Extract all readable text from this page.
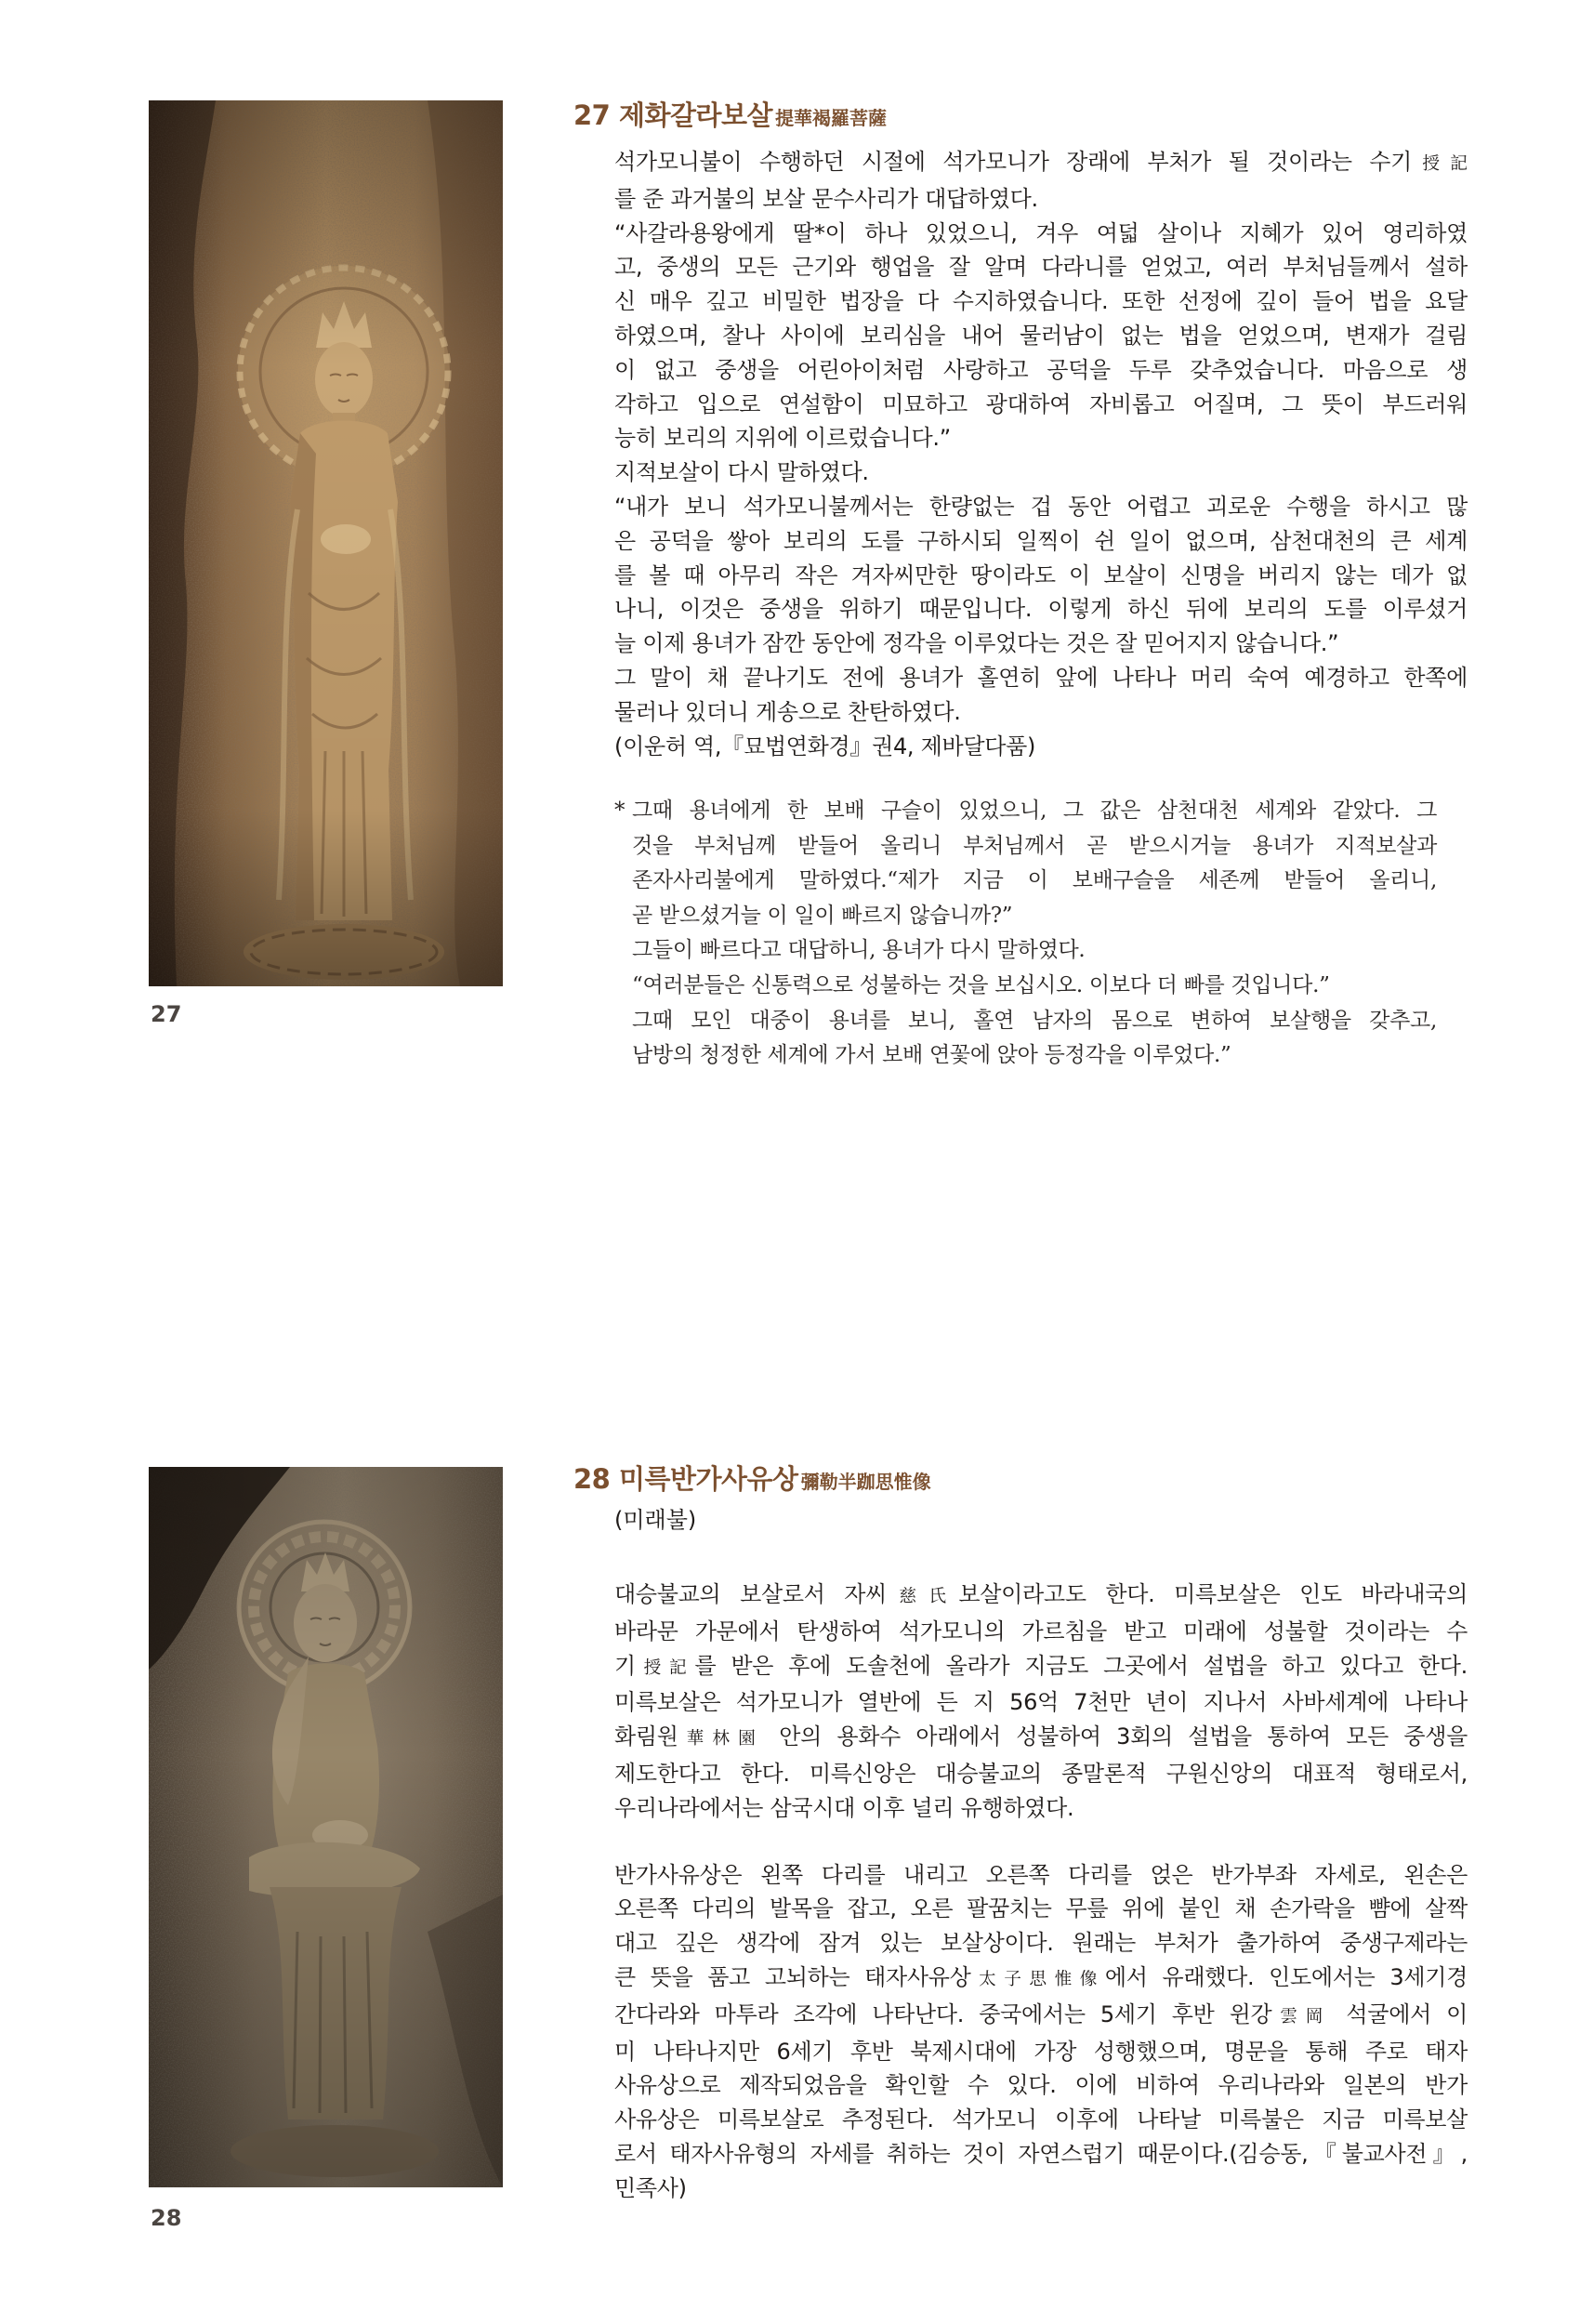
27
27 제화갈라보살 提華褐羅菩薩
석가모니불이 수행하던 시절에 석가모니가 장래에 부처가 될 것이라는 수기授記
를 준 과거불의 보살 문수사리가 대답하였다.
“사갈라용왕에게 딸*이 하나 있었으니, 겨우 여덟 살이나 지혜가 있어 영리하였
고, 중생의 모든 근기와 행업을 잘 알며 다라니를 얻었고, 여러 부처님들께서 설하
신 매우 깊고 비밀한 법장을 다 수지하였습니다. 또한 선정에 깊이 들어 법을 요달
하였으며, 찰나 사이에 보리심을 내어 물러남이 없는 법을 얻었으며, 변재가 걸림
이 없고 중생을 어린아이처럼 사랑하고 공덕을 두루 갖추었습니다. 마음으로 생
각하고 입으로 연설함이 미묘하고 광대하여 자비롭고 어질며, 그 뜻이 부드러워
능히 보리의 지위에 이르렀습니다.”
지적보살이 다시 말하였다.
“내가 보니 석가모니불께서는 한량없는 겁 동안 어렵고 괴로운 수행을 하시고 많
은 공덕을 쌓아 보리의 도를 구하시되 일찍이 쉰 일이 없으며, 삼천대천의 큰 세계
를 볼 때 아무리 작은 겨자씨만한 땅이라도 이 보살이 신명을 버리지 않는 데가 없
나니, 이것은 중생을 위하기 때문입니다. 이렇게 하신 뒤에 보리의 도를 이루셨거
늘 이제 용녀가 잠깐 동안에 정각을 이루었다는 것은 잘 믿어지지 않습니다.”
그 말이 채 끝나기도 전에 용녀가 홀연히 앞에 나타나 머리 숙여 예경하고 한쪽에
물러나 있더니 게송으로 찬탄하였다.
(이운허 역,『묘법연화경』권4, 제바달다품)
* 그때 용녀에게 한 보배 구슬이 있었으니, 그 값은 삼천대천 세계와 같았다. 그
것을 부처님께 받들어 올리니 부처님께서 곧 받으시거늘 용녀가 지적보살과
존자사리불에게 말하였다.“제가 지금 이 보배구슬을 세존께 받들어 올리니,
곧 받으셨거늘 이 일이 빠르지 않습니까?”
그들이 빠르다고 대답하니, 용녀가 다시 말하였다.
“여러분들은 신통력으로 성불하는 것을 보십시오. 이보다 더 빠를 것입니다.”
그때 모인 대중이 용녀를 보니, 홀연 남자의 몸으로 변하여 보살행을 갖추고,
남방의 청정한 세계에 가서 보배 연꽃에 앉아 등정각을 이루었다.”
28
28 미륵반가사유상 彌勒半跏思惟像
(미래불)
대승불교의 보살로서 자씨慈氏보살이라고도 한다. 미륵보살은 인도 바라내국의
바라문 가문에서 탄생하여 석가모니의 가르침을 받고 미래에 성불할 것이라는 수
기授記를 받은 후에 도솔천에 올라가 지금도 그곳에서 설법을 하고 있다고 한다.
미륵보살은 석가모니가 열반에 든 지 56억 7천만 년이 지나서 사바세계에 나타나
화림원華林園 안의 용화수 아래에서 성불하여 3회의 설법을 통하여 모든 중생을
제도한다고 한다. 미륵신앙은 대승불교의 종말론적 구원신앙의 대표적 형태로서,
우리나라에서는 삼국시대 이후 널리 유행하였다.
반가사유상은 왼쪽 다리를 내리고 오른쪽 다리를 얹은 반가부좌 자세로, 왼손은
오른쪽 다리의 발목을 잡고, 오른 팔꿈치는 무릎 위에 붙인 채 손가락을 뺨에 살짝
대고 깊은 생각에 잠겨 있는 보살상이다. 원래는 부처가 출가하여 중생구제라는
큰 뜻을 품고 고뇌하는 태자사유상太子思惟像에서 유래했다. 인도에서는 3세기경
간다라와 마투라 조각에 나타난다. 중국에서는 5세기 후반 윈강雲岡 석굴에서 이
미 나타나지만 6세기 후반 북제시대에 가장 성행했으며, 명문을 통해 주로 태자
사유상으로 제작되었음을 확인할 수 있다. 이에 비하여 우리나라와 일본의 반가
사유상은 미륵보살로 추정된다. 석가모니 이후에 나타날 미륵불은 지금 미륵보살
로서 태자사유형의 자세를 취하는 것이 자연스럽기 때문이다.(김승동,『불교사전』,
민족사)
